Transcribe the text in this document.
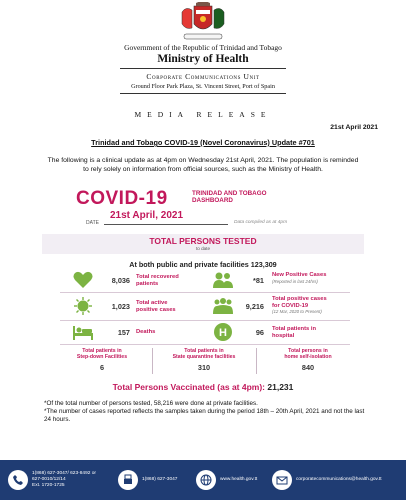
Government of the Republic of Trinidad and Tobago
Ministry of Health
Corporate Communications Unit
Ground Floor Park Plaza, St. Vincent Street, Port of Spain
MEDIA RELEASE
21st April 2021
Trinidad and Tobago COVID-19 (Novel Coronavirus) Update #701
The following is a clinical update as at 4pm on Wednesday 21st April, 2021. The population is reminded to rely solely on information from official sources, such as the Ministry of Health.
COVID-19	TRINIDAD AND TOBAGO
DASHBOARD
21st April, 2021
DATE	Data compiled as at 4pm
TOTAL PERSONS TESTED
to date
At both public and private facilities 123,309
8,036 Total recovered
patients	*81
New Positive Cases
(Reported in last 24hrs)
1,023 Total active
positive cases	9,216
Total positive cases
for COVID-19
(12 Mar, 2020 to Present)
157 Deaths	H	96 Total patients in
hospital
Total patients in
Step-down Facilities
6
Total patients in
State quarantine facilities
310
Total persons in
home self-isolation
840
Total Persons Vaccinated (as at 4pm): 21,231
*Of the total number of persons tested, 58,216 were done at private facilities.
*The number of cases reported reflects the samples taken during the period 18th – 20th April, 2021 and not the last 24 hours.
1(868) 627-3047/ 623-8492 or
627-0010/12/14
Ext. 1720-1725
1(868) 627-3047	www.health.gov.tt	corporatecommunications@health.gov.tt
